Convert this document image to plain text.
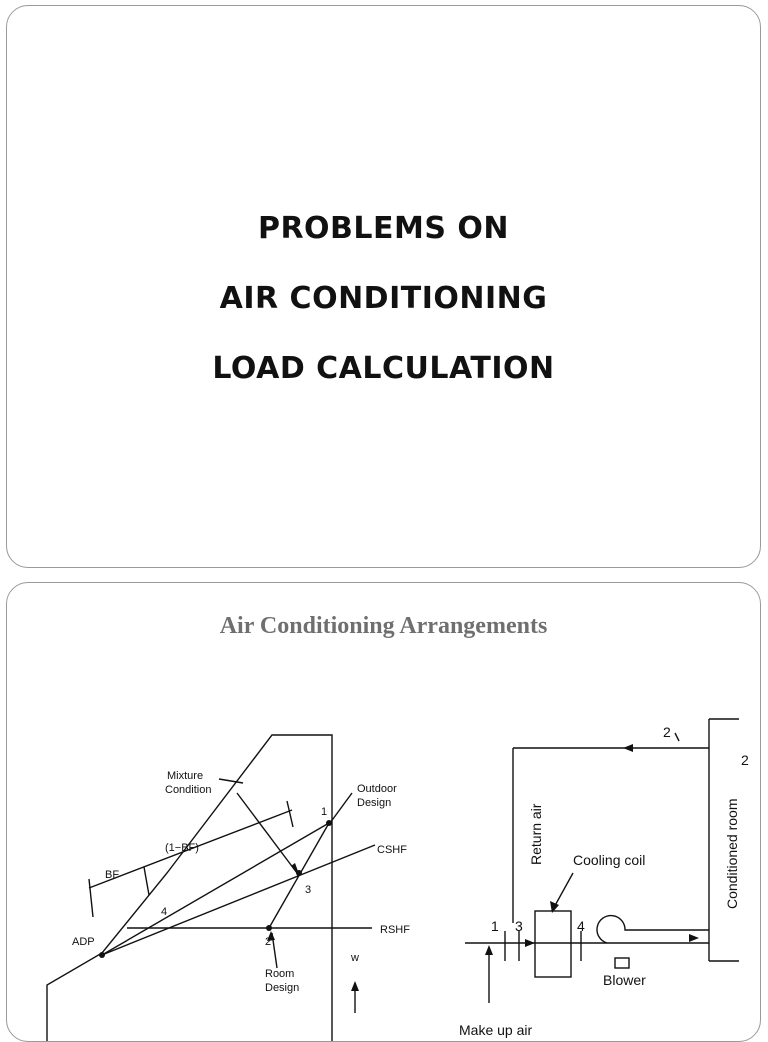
PROBLEMS ON
AIR CONDITIONING
LOAD CALCULATION
Air Conditioning Arrangements
Mixture
Condition	Outdoor
Design
CSHF
RSHF
ADP
Room
Design
BF
(1−BF)
w
1
2
3
4
1 3	4
2
2
Cooling coil
Blower
Make up air
Return air	Conditioned room
